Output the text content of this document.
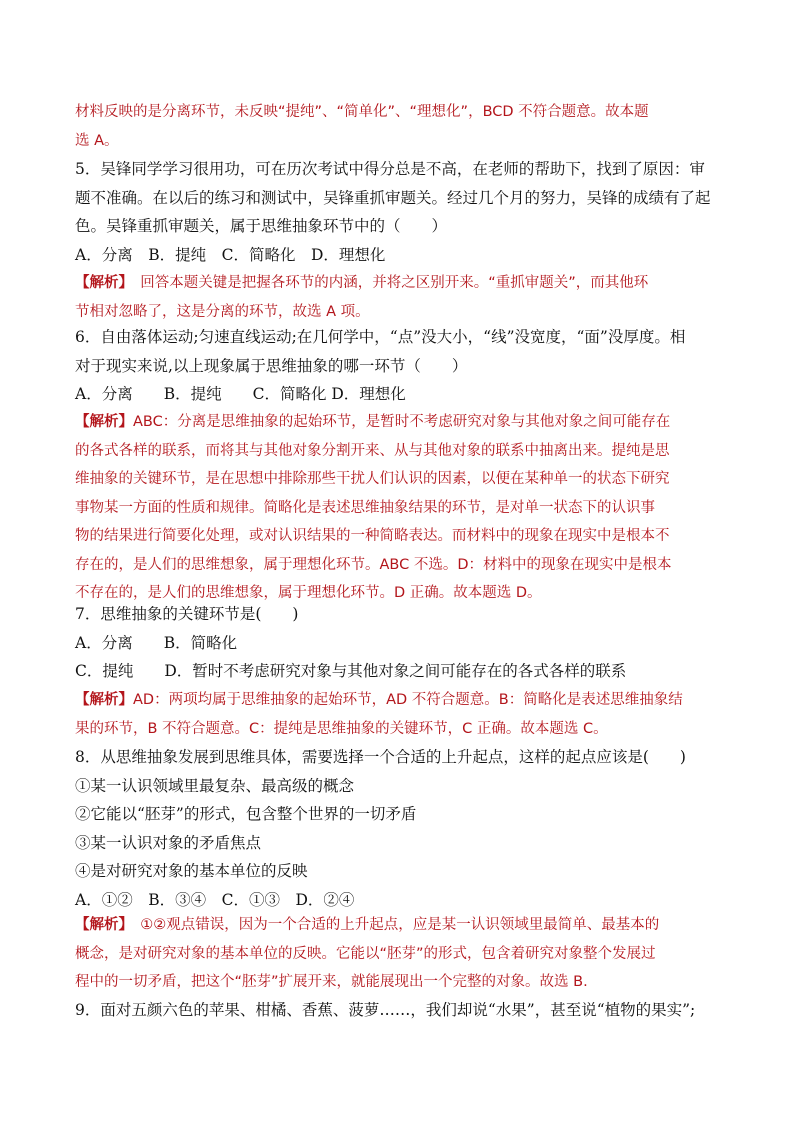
材料反映的是分离环节，未反映“提纯”、“简单化”、“理想化”，BCD 不符合题意。故本题
选 A。
5．吴锋同学学习很用功，可在历次考试中得分总是不高，在老师的帮助下，找到了原因：审
题不准确。在以后的练习和测试中，吴锋重抓审题关。经过几个月的努力，吴锋的成绩有了起
色。吴锋重抓审题关，属于思维抽象环节中的（　　）
A．分离　B．提纯　C．简略化　D．理想化
【解析】　回答本题关键是把握各环节的内涵，并将之区别开来。“重抓审题关”，而其他环
节相对忽略了，这是分离的环节，故选 A 项。
6．自由落体运动;匀速直线运动;在几何学中，“点”没大小，“线”没宽度，“面”没厚度。相
对于现实来说,以上现象属于思维抽象的哪一环节（　　）
A．分离　　B．提纯　　C．简略化 D．理想化
【解析】ABC：分离是思维抽象的起始环节，是暂时不考虑研究对象与其他对象之间可能存在
的各式各样的联系，而将其与其他对象分割开来、从与其他对象的联系中抽离出来。提纯是思
维抽象的关键环节，是在思想中排除那些干扰人们认识的因素，以便在某种单一的状态下研究
事物某一方面的性质和规律。简略化是表述思维抽象结果的环节，是对单一状态下的认识事
物的结果进行简要化处理，或对认识结果的一种简略表达。而材料中的现象在现实中是根本不
存在的，是人们的思维想象，属于理想化环节。ABC 不选。D：材料中的现象在现实中是根本
不存在的，是人们的思维想象，属于理想化环节。D 正确。故本题选 D。
7．思维抽象的关键环节是(　　)
A．分离　　B．简略化
C．提纯　　D．暂时不考虑研究对象与其他对象之间可能存在的各式各样的联系
【解析】AD：两项均属于思维抽象的起始环节，AD 不符合题意。B：简略化是表述思维抽象结
果的环节，B 不符合题意。C：提纯是思维抽象的关键环节，C 正确。故本题选 C。
8．从思维抽象发展到思维具体，需要选择一个合适的上升起点，这样的起点应该是(　　)
①某一认识领域里最复杂、最高级的概念
②它能以“胚芽”的形式，包含整个世界的一切矛盾
③某一认识对象的矛盾焦点
④是对研究对象的基本单位的反映
A．①②　B．③④　C．①③　D．②④
【解析】　①②观点错误，因为一个合适的上升起点，应是某一认识领域里最简单、最基本的
概念，是对研究对象的基本单位的反映。它能以“胚芽”的形式，包含着研究对象整个发展过
程中的一切矛盾，把这个“胚芽”扩展开来，就能展现出一个完整的对象。故选 B.
9．面对五颜六色的苹果、柑橘、香蕉、菠萝……，我们却说“水果”，甚至说“植物的果实”;
